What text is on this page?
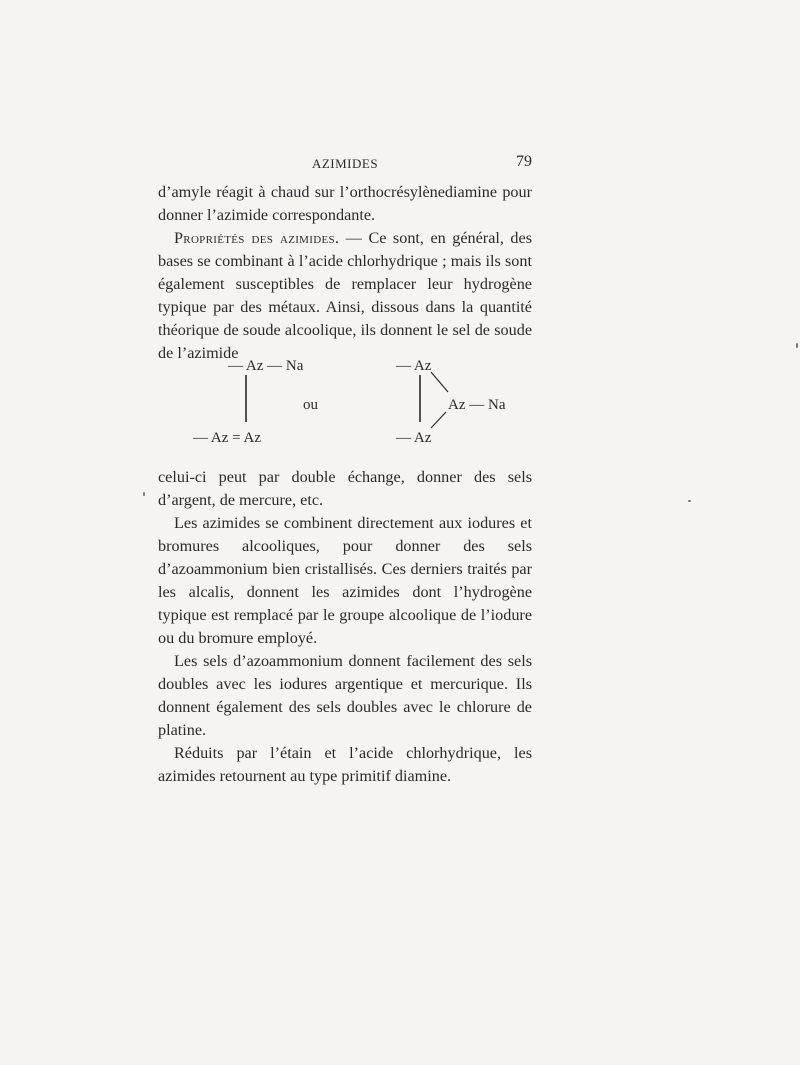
AZIMIDES	79

d’amyle réagit à chaud sur l’orthocrésylènediamine pour donner l’azimide correspondante.

Propriétés des azimides. — Ce sont, en général, des bases se combinant à l’acide chlorhydrique ; mais ils sont également susceptibles de remplacer leur hydrogène typique par des métaux. Ainsi, dissous dans la quantité théorique de soude alcoolique, ils donnent le sel de soude de l’azimide

— Az — Na
— Az = Az
ou
— Az
Az — Na
— Az

celui-ci peut par double échange, donner des sels d’argent, de mercure, etc.

Les azimides se combinent directement aux iodures et bromures alcooliques, pour donner des sels d’azoammonium bien cristallisés. Ces derniers traités par les alcalis, donnent les azimides dont l’hydrogène typique est remplacé par le groupe alcoolique de l’iodure ou du bromure employé.

Les sels d’azoammonium donnent facilement des sels doubles avec les iodures argentique et mercurique. Ils donnent également des sels doubles avec le chlorure de platine.

Réduits par l’étain et l’acide chlorhydrique, les azimides retournent au type primitif diamine.
